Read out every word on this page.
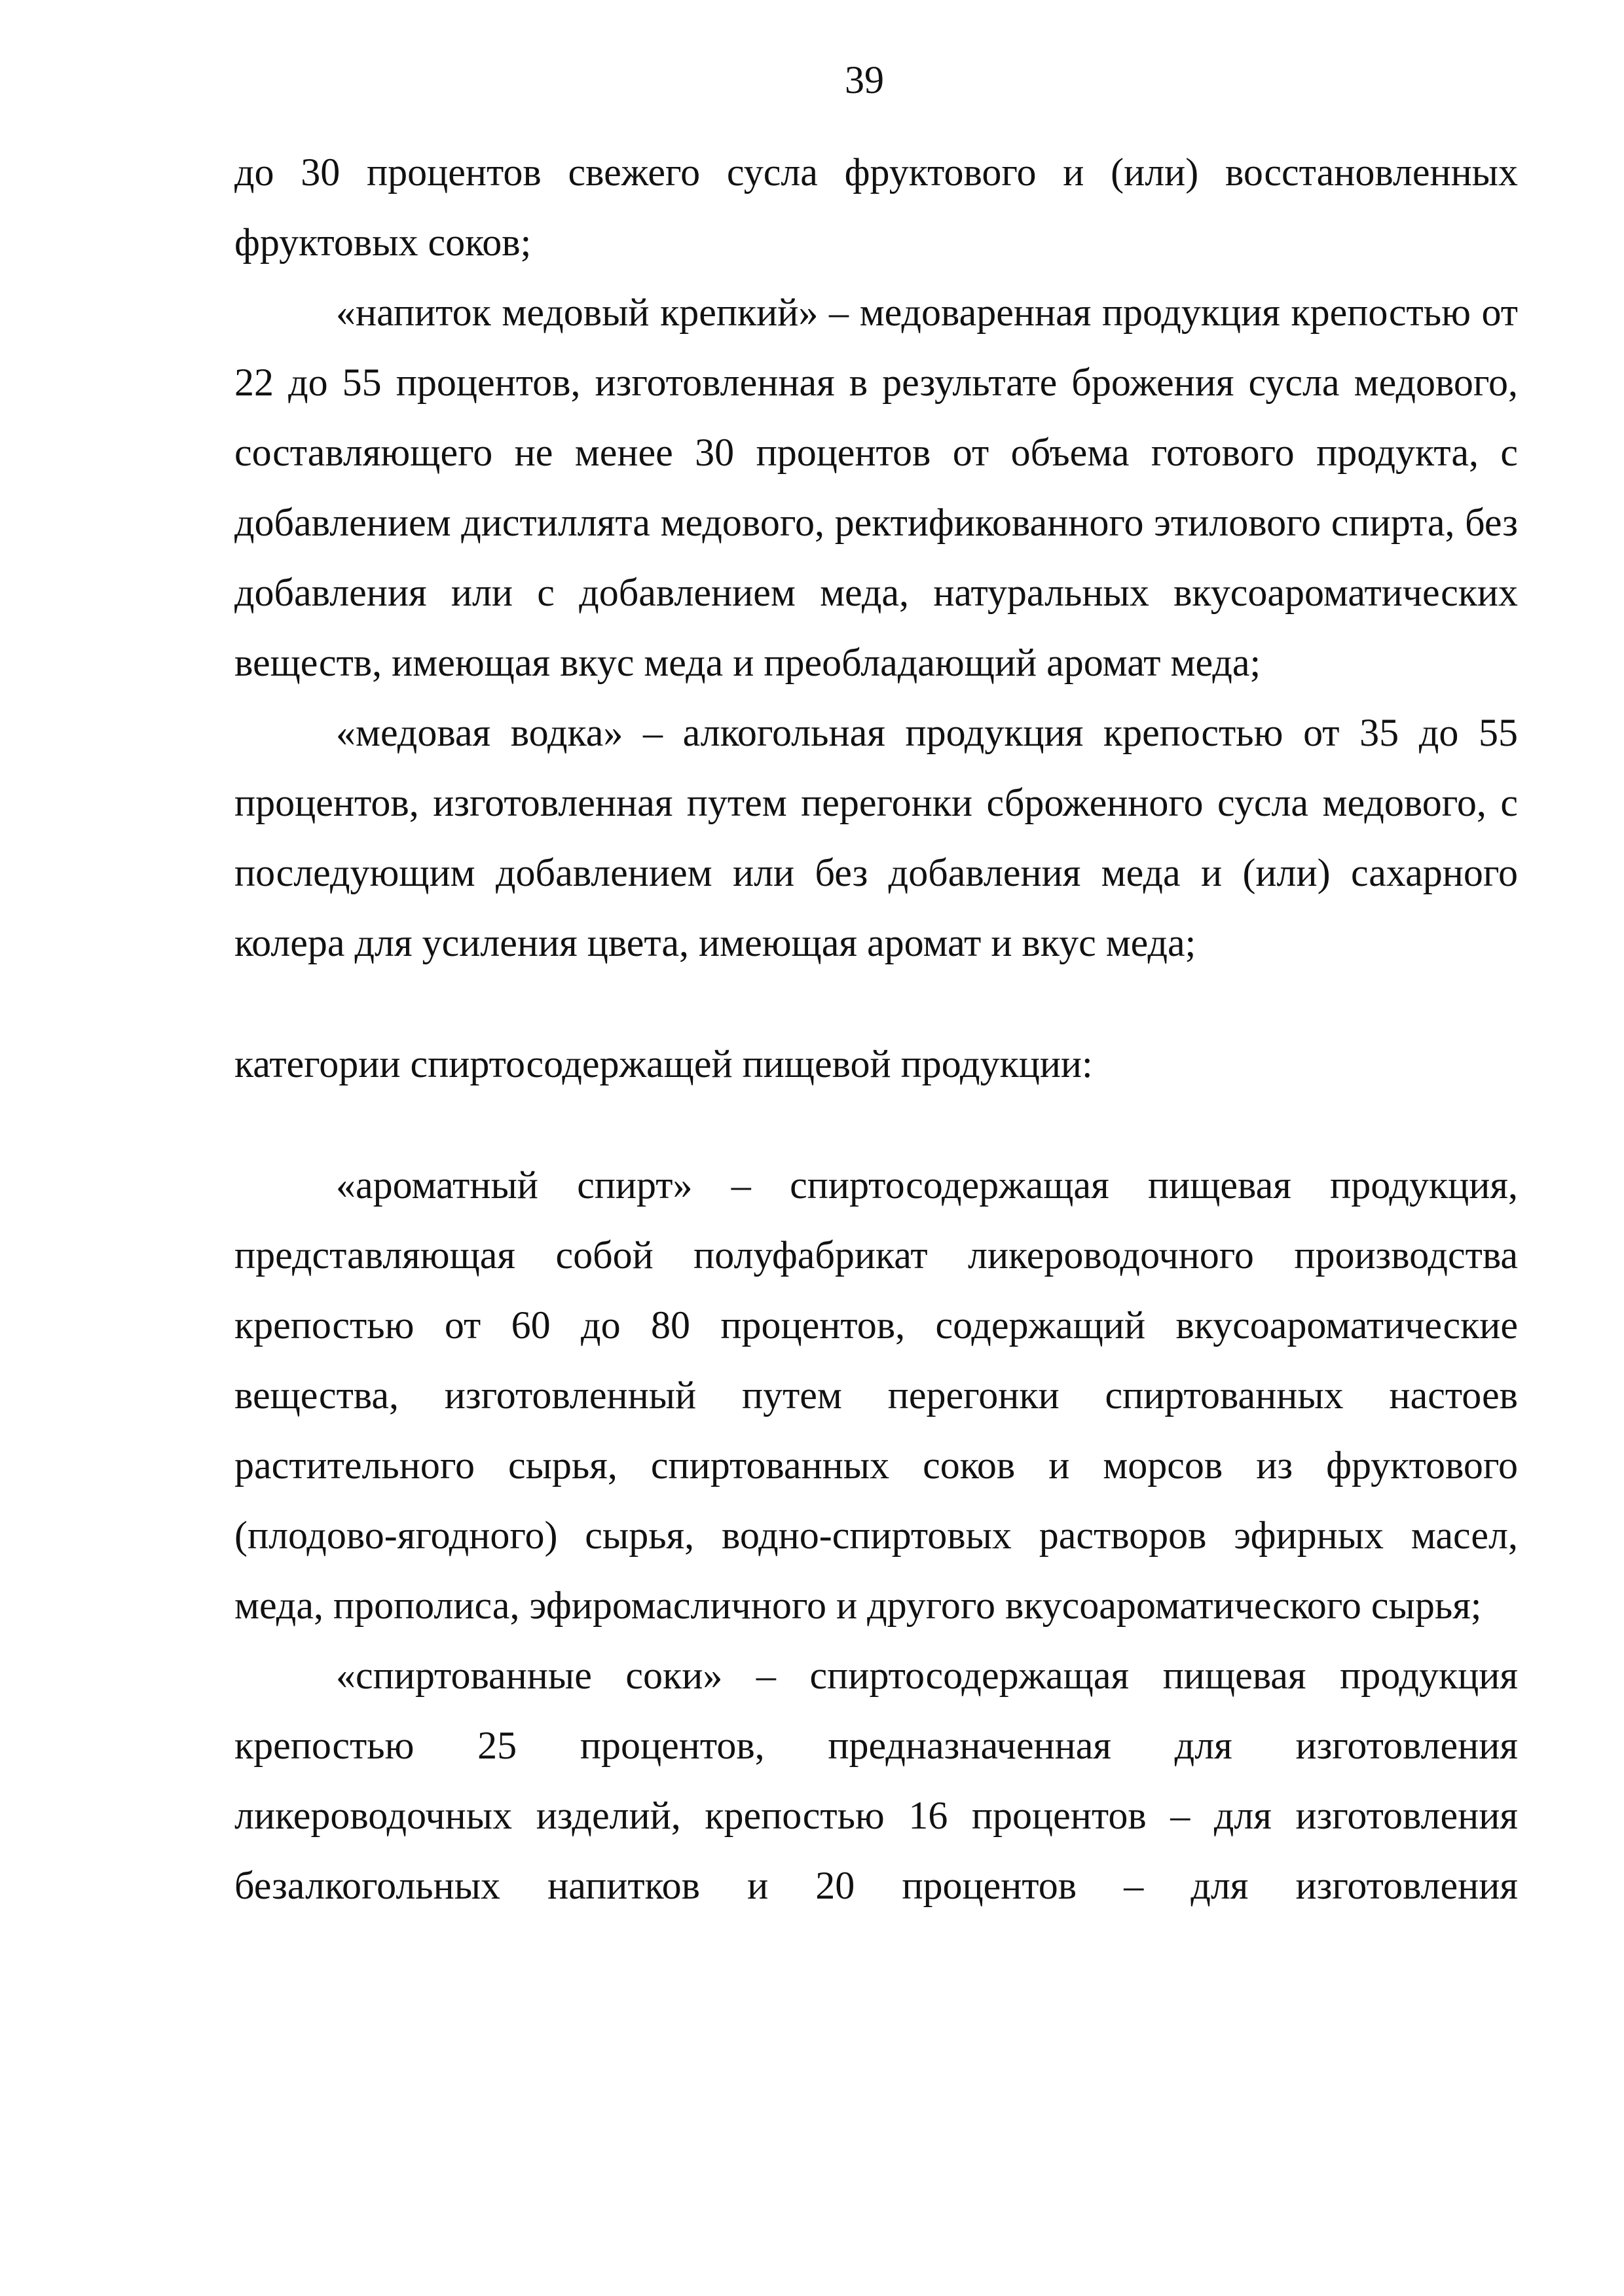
39

до 30 процентов свежего сусла фруктового и (или) восстановленных фруктовых соков;

«напиток медовый крепкий» – медоваренная продукция крепостью от 22 до 55 процентов, изготовленная в результате брожения сусла медового, составляющего не менее 30 процентов от объема готового продукта, с добавлением дистиллята медового, ректификованного этилового спирта, без добавления или с добавлением меда, натуральных вкусоароматических веществ, имеющая вкус меда и преобладающий аромат меда;

«медовая водка» – алкогольная продукция крепостью от 35 до 55 процентов, изготовленная путем перегонки сброженного сусла медового, с последующим добавлением или без добавления меда и (или) сахарного колера для усиления цвета, имеющая аромат и вкус меда;

категории спиртосодержащей пищевой продукции:

«ароматный спирт» – спиртосодержащая пищевая продукция, представляющая собой полуфабрикат ликероводочного производства крепостью от 60 до 80 процентов, содержащий вкусоароматические вещества, изготовленный путем перегонки спиртованных настоев растительного сырья, спиртованных соков и морсов из фруктового (плодово-ягодного) сырья, водно-спиртовых растворов эфирных масел, меда, прополиса, эфиромасличного и другого вкусоароматического сырья;

«спиртованные соки» – спиртосодержащая пищевая продукция крепостью 25 процентов, предназначенная для изготовления ликероводочных изделий, крепостью 16 процентов – для изготовления безалкогольных напитков и 20 процентов – для изготовления
